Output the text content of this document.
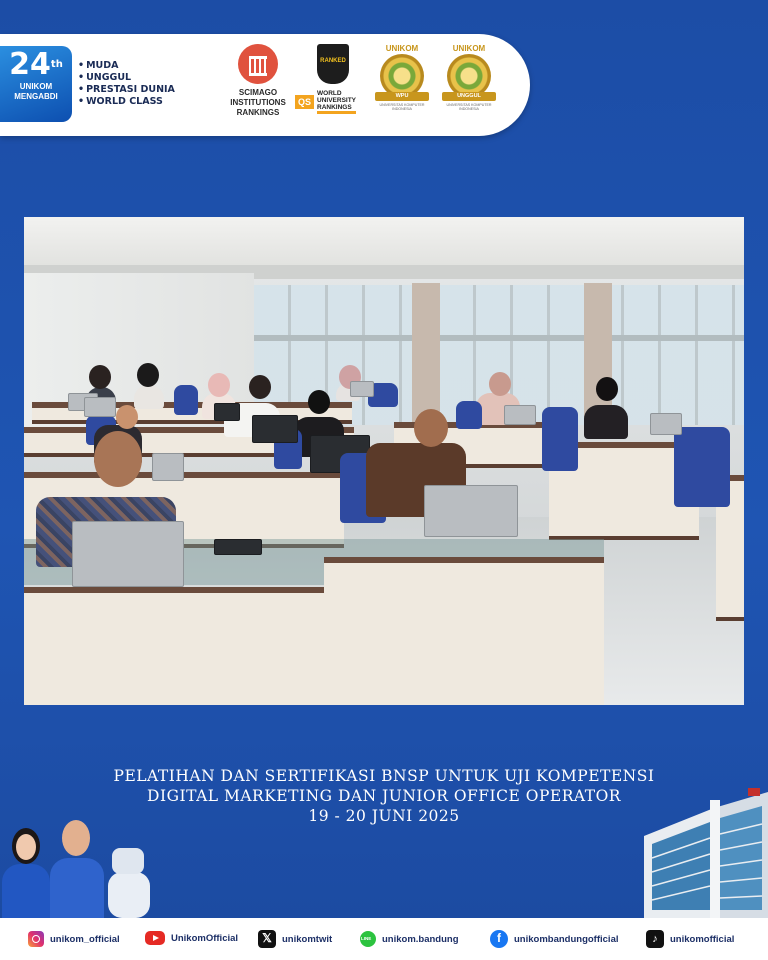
24th
UNIKOM MENGABDI
• MUDA
• UNGGUL
• PRESTASI DUNIA
• WORLD CLASS
SCIMAGO
INSTITUTIONS
RANKINGS
RANKED
QS
WORLD
UNIVERSITY
RANKINGS
UNIKOM
WPU
UNIVERSITAS KOMPUTER INDONESIA
UNIKOM
UNGGUL
UNIVERSITAS KOMPUTER INDONESIA
PELATIHAN DAN SERTIFIKASI BNSP UNTUK UJI KOMPETENSI
DIGITAL MARKETING DAN JUNIOR OFFICE OPERATOR
19 - 20 JUNI 2025
unikom_official	UnikomOfficial	𝕏	unikomtwit
LINE	unikom.bandung	f	unikombandungofficial	♪	unikomofficial
